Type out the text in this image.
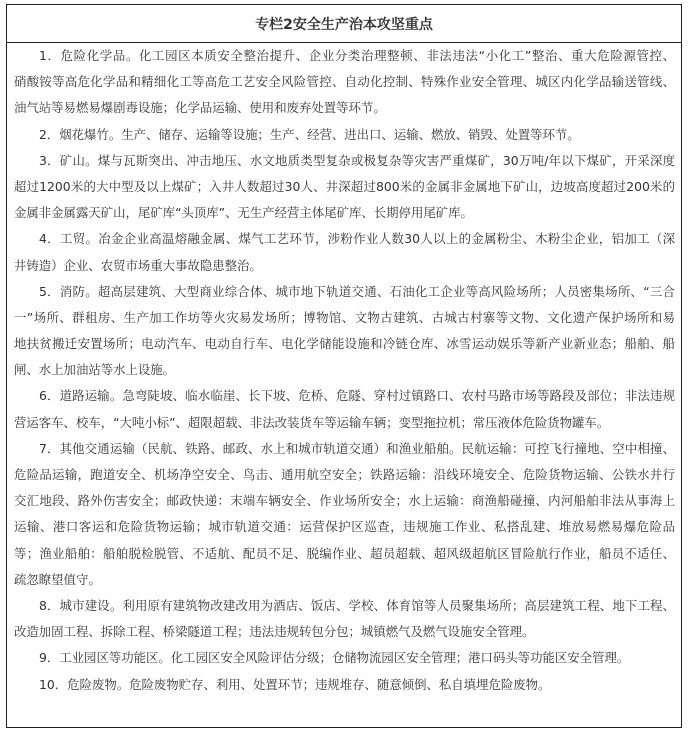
专栏2安全生产治本攻坚重点
1．危险化学品。化工园区本质安全整治提升、企业分类治理整顿、非法违法“小化工”整治、重大危险源管控、
硝酸铵等高危化学品和精细化工等高危工艺安全风险管控、自动化控制、特殊作业安全管理、城区内化学品输送管线、
油气站等易燃易爆剧毒设施；化学品运输、使用和废弃处置等环节。
2．烟花爆竹。生产、储存、运输等设施；生产、经营、进出口、运输、燃放、销毁、处置等环节。
3．矿山。煤与瓦斯突出、冲击地压、水文地质类型复杂或极复杂等灾害严重煤矿，30万吨/年以下煤矿，开采深度
超过1200米的大中型及以上煤矿；入井人数超过30人、井深超过800米的金属非金属地下矿山，边坡高度超过200米的
金属非金属露天矿山，尾矿库“头顶库”、无生产经营主体尾矿库、长期停用尾矿库。
4．工贸。冶金企业高温熔融金属、煤气工艺环节，涉粉作业人数30人以上的金属粉尘、木粉尘企业，铝加工（深
井铸造）企业、农贸市场重大事故隐患整治。
5．消防。超高层建筑、大型商业综合体、城市地下轨道交通、石油化工企业等高风险场所；人员密集场所、“三合
一”场所、群租房、生产加工作坊等火灾易发场所；博物馆、文物古建筑、古城古村寨等文物、文化遗产保护场所和易
地扶贫搬迁安置场所；电动汽车、电动自行车、电化学储能设施和冷链仓库、冰雪运动娱乐等新产业新业态；船舶、船
闸、水上加油站等水上设施。
6．道路运输。急弯陡坡、临水临崖、长下坡、危桥、危隧、穿村过镇路口、农村马路市场等路段及部位；非法违规
营运客车、校车，“大吨小标”、超限超载、非法改装货车等运输车辆；变型拖拉机；常压液体危险货物罐车。
7．其他交通运输（民航、铁路、邮政、水上和城市轨道交通）和渔业船舶。民航运输：可控飞行撞地、空中相撞、
危险品运输，跑道安全、机场净空安全、鸟击、通用航空安全；铁路运输：沿线环境安全、危险货物运输、公铁水并行
交汇地段、路外伤害安全；邮政快递：末端车辆安全、作业场所安全；水上运输：商渔船碰撞、内河船舶非法从事海上
运输、港口客运和危险货物运输；城市轨道交通：运营保护区巡查，违规施工作业、私搭乱建、堆放易燃易爆危险品
等；渔业船舶：船舶脱检脱管、不适航、配员不足、脱编作业、超员超载、超风级超航区冒险航行作业，船员不适任、
疏忽瞭望值守。
8．城市建设。利用原有建筑物改建改用为酒店、饭店、学校、体育馆等人员聚集场所；高层建筑工程、地下工程、
改造加固工程、拆除工程、桥梁隧道工程；违法违规转包分包；城镇燃气及燃气设施安全管理。
9．工业园区等功能区。化工园区安全风险评估分级；仓储物流园区安全管理；港口码头等功能区安全管理。
10．危险废物。危险废物贮存、利用、处置环节；违规堆存、随意倾倒、私自填埋危险废物。
